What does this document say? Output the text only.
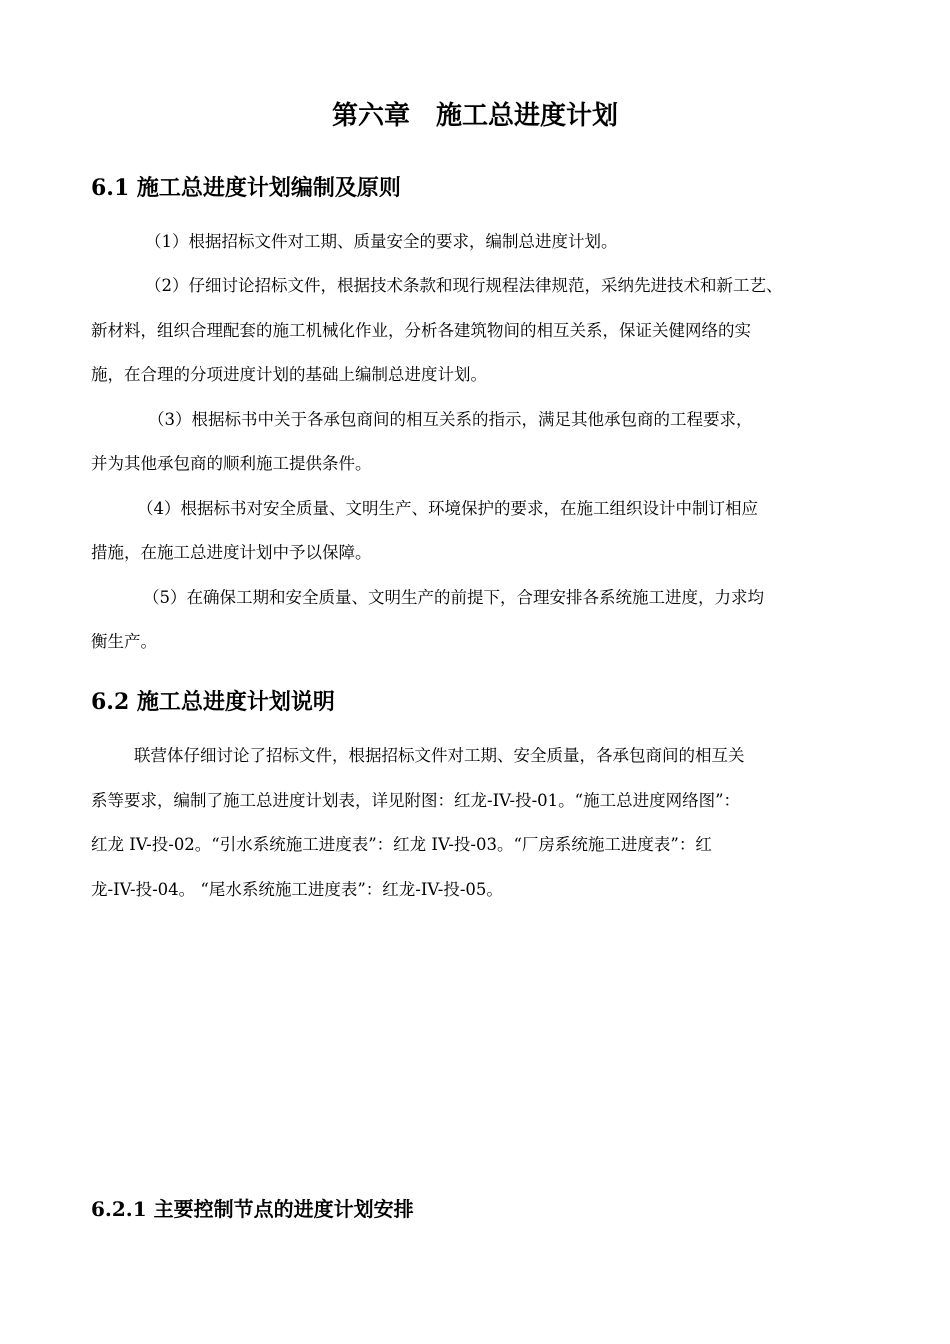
第六章　施工总进度计划
6.1 施工总进度计划编制及原则
（1）根据招标文件对工期、质量安全的要求，编制总进度计划。
（2）仔细讨论招标文件，根据技术条款和现行规程法律规范，采纳先进技术和新工艺、
新材料，组织合理配套的施工机械化作业，分析各建筑物间的相互关系，保证关健网络的实
施，在合理的分项进度计划的基础上编制总进度计划。
（3）根据标书中关于各承包商间的相互关系的指示，满足其他承包商的工程要求，
并为其他承包商的顺利施工提供条件。
（4）根据标书对安全质量、文明生产、环境保护的要求，在施工组织设计中制订相应
措施，在施工总进度计划中予以保障。
（5）在确保工期和安全质量、文明生产的前提下，合理安排各系统施工进度，力求均
衡生产。
6.2 施工总进度计划说明
联营体仔细讨论了招标文件，根据招标文件对工期、安全质量，各承包商间的相互关
系等要求，编制了施工总进度计划表，详见附图：红龙-IV-投-01。“施工总进度网络图”：
红龙 IV-投-02。“引水系统施工进度表”：红龙 IV-投-03。“厂房系统施工进度表”：红
龙-IV-投-04。 “尾水系统施工进度表”：红龙-IV-投-05。
6.2.1 主要控制节点的进度计划安排
